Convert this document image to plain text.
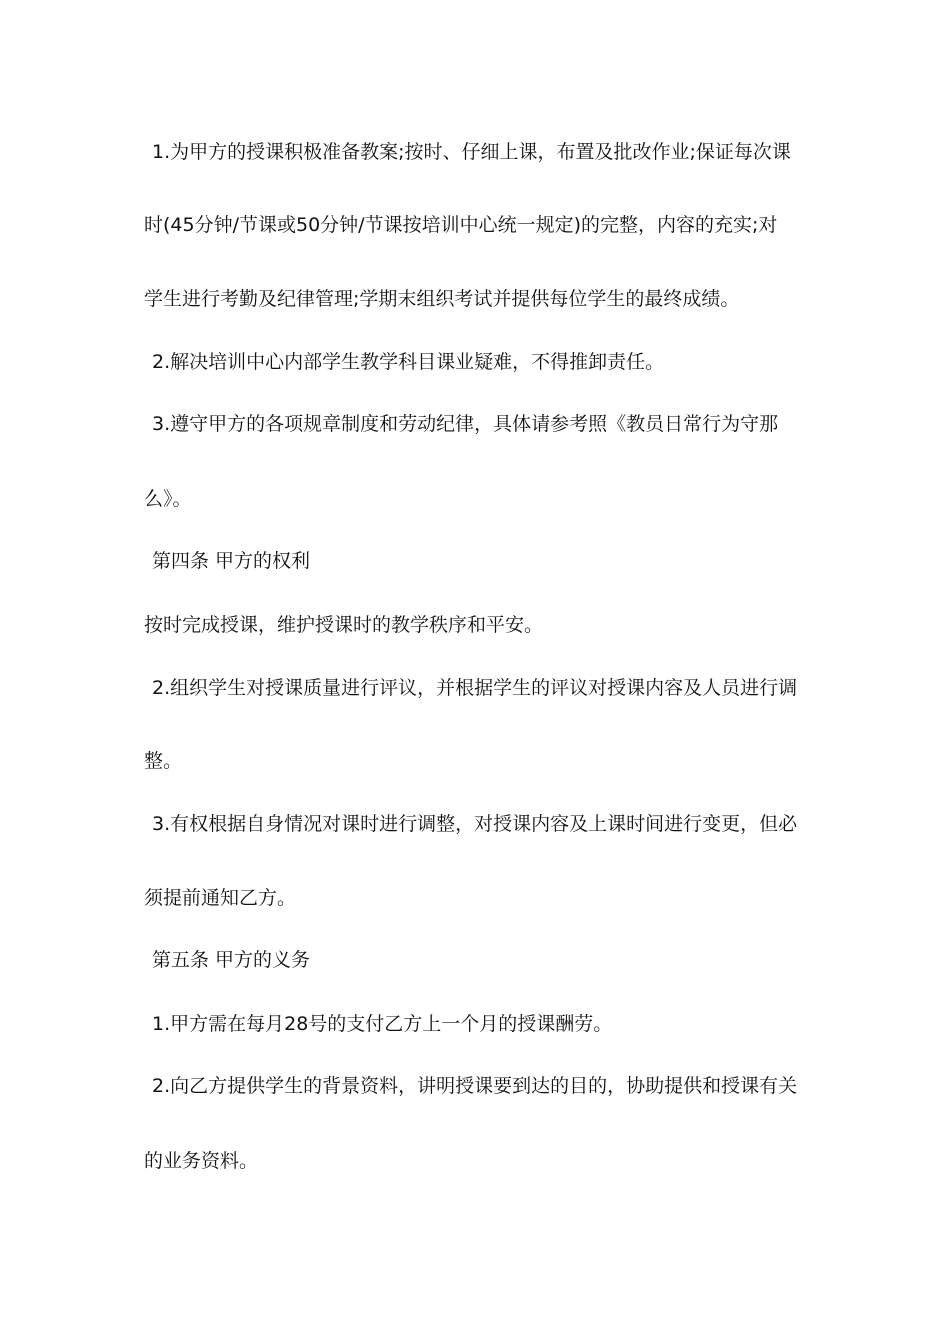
1.为甲方的授课积极准备教案;按时、仔细上课，布置及批改作业;保证每次课
时(45分钟/节课或50分钟/节课按培训中心统一规定)的完整，内容的充实;对
学生进行考勤及纪律管理;学期末组织考试并提供每位学生的最终成绩。
2.解决培训中心内部学生教学科目课业疑难，不得推卸责任。
3.遵守甲方的各项规章制度和劳动纪律，具体请参考照《教员日常行为守那
么》。
第四条 甲方的权利
按时完成授课，维护授课时的教学秩序和平安。
2.组织学生对授课质量进行评议，并根据学生的评议对授课内容及人员进行调
整。
3.有权根据自身情况对课时进行调整，对授课内容及上课时间进行变更，但必
须提前通知乙方。
第五条 甲方的义务
1.甲方需在每月28号的支付乙方上一个月的授课酬劳。
2.向乙方提供学生的背景资料，讲明授课要到达的目的，协助提供和授课有关
的业务资料。
